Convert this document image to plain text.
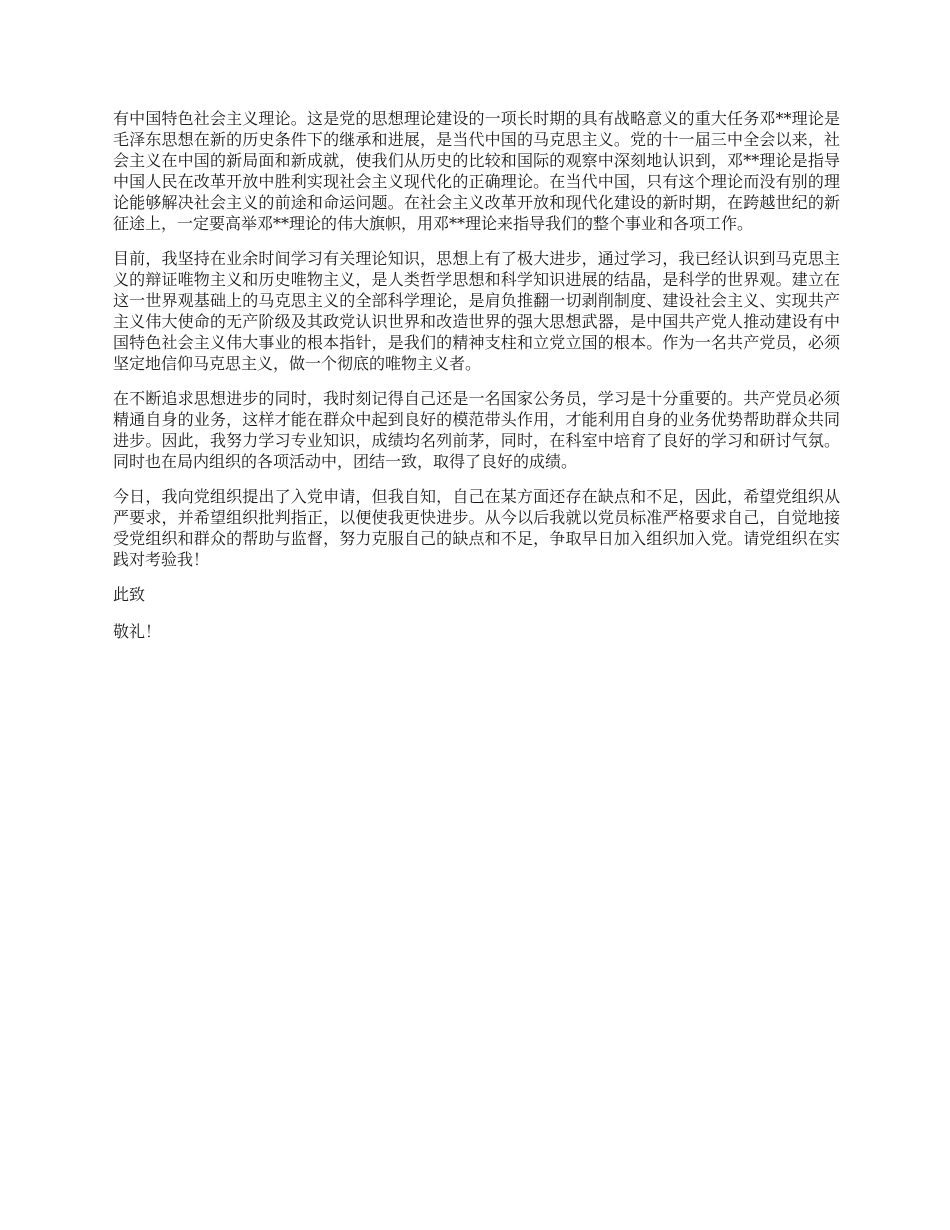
有中国特色社会主义理论。这是党的思想理论建设的一项长时期的具有战略意义的重大任务邓**理论是毛泽东思想在新的历史条件下的继承和进展，是当代中国的马克思主义。党的十一届三中全会以来，社会主义在中国的新局面和新成就，使我们从历史的比较和国际的观察中深刻地认识到，邓**理论是指导中国人民在改革开放中胜利实现社会主义现代化的正确理论。在当代中国，只有这个理论而没有别的理论能够解决社会主义的前途和命运问题。在社会主义改革开放和现代化建设的新时期，在跨越世纪的新征途上，一定要高举邓**理论的伟大旗帜，用邓**理论来指导我们的整个事业和各项工作。

目前，我坚持在业余时间学习有关理论知识，思想上有了极大进步，通过学习，我已经认识到马克思主义的辩证唯物主义和历史唯物主义，是人类哲学思想和科学知识进展的结晶，是科学的世界观。建立在这一世界观基础上的马克思主义的全部科学理论，是肩负推翻一切剥削制度、建设社会主义、实现共产主义伟大使命的无产阶级及其政党认识世界和改造世界的强大思想武器，是中国共产党人推动建设有中国特色社会主义伟大事业的根本指针，是我们的精神支柱和立党立国的根本。作为一名共产党员，必须坚定地信仰马克思主义，做一个彻底的唯物主义者。

在不断追求思想进步的同时，我时刻记得自己还是一名国家公务员，学习是十分重要的。共产党员必须精通自身的业务，这样才能在群众中起到良好的模范带头作用，才能利用自身的业务优势帮助群众共同进步。因此，我努力学习专业知识，成绩均名列前茅，同时，在科室中培育了良好的学习和研讨气氛。同时也在局内组织的各项活动中，团结一致，取得了良好的成绩。

今日，我向党组织提出了入党申请，但我自知，自己在某方面还存在缺点和不足，因此，希望党组织从严要求，并希望组织批判指正，以便使我更快进步。从今以后我就以党员标准严格要求自己，自觉地接受党组织和群众的帮助与监督，努力克服自己的缺点和不足，争取早日加入组织加入党。请党组织在实践对考验我！

此致

敬礼！
